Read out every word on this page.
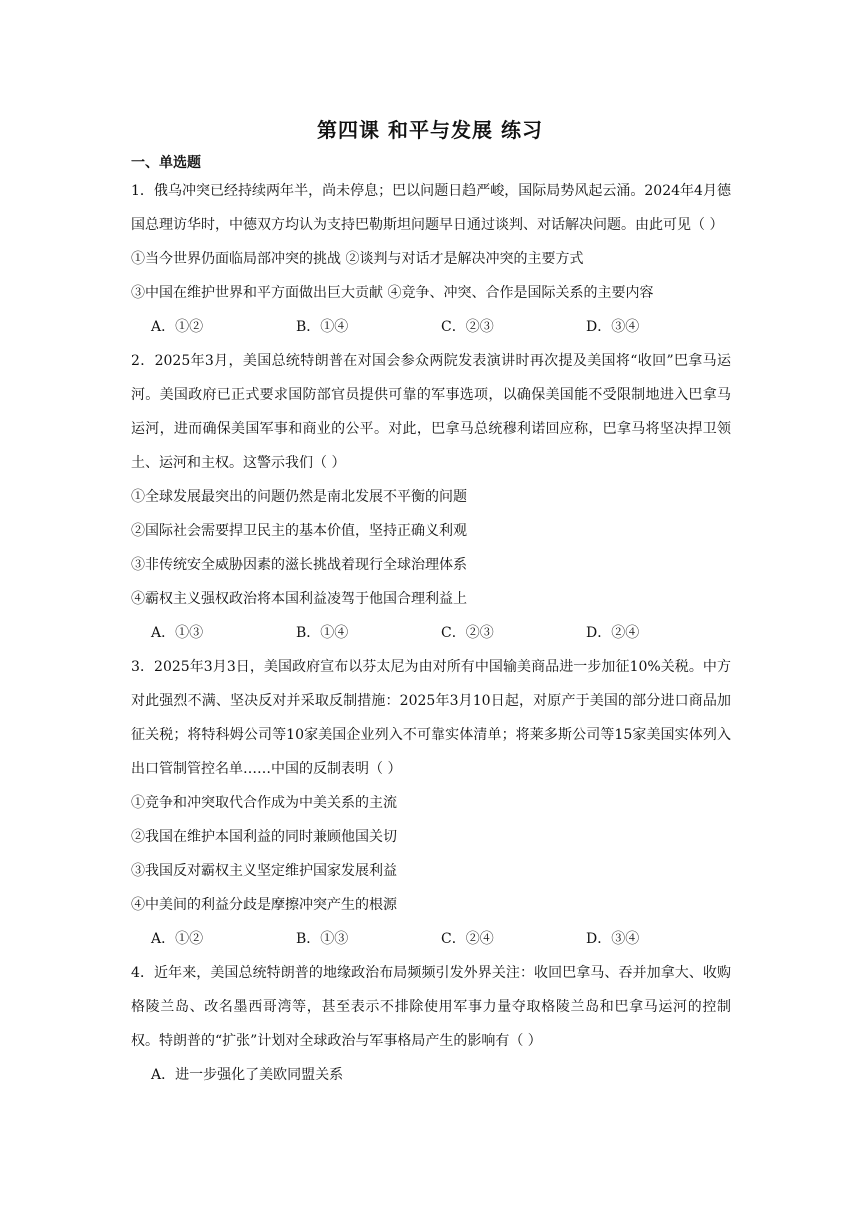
第四课 和平与发展 练习
一、单选题

1．俄乌冲突已经持续两年半，尚未停息；巴以问题日趋严峻，国际局势风起云涌。2024年4月德国总理访华时，中德双方均认为支持巴勒斯坦问题早日通过谈判、对话解决问题。由此可见（ ）

①当今世界仍面临局部冲突的挑战 ②谈判与对话才是解决冲突的主要方式

③中国在维护世界和平方面做出巨大贡献 ④竞争、冲突、合作是国际关系的主要内容

A．①②	B．①④	C．②③	D．③④

2．2025年3月，美国总统特朗普在对国会参众两院发表演讲时再次提及美国将“收回”巴拿马运河。美国政府已正式要求国防部官员提供可靠的军事选项，以确保美国能不受限制地进入巴拿马运河，进而确保美国军事和商业的公平。对此，巴拿马总统穆利诺回应称，巴拿马将坚决捍卫领土、运河和主权。这警示我们（ ）

①全球发展最突出的问题仍然是南北发展不平衡的问题

②国际社会需要捍卫民主的基本价值，坚持正确义利观

③非传统安全威胁因素的滋长挑战着现行全球治理体系

④霸权主义强权政治将本国利益凌驾于他国合理利益上

A．①③	B．①④	C．②③	D．②④

3．2025年3月3日，美国政府宣布以芬太尼为由对所有中国输美商品进一步加征10%关税。中方对此强烈不满、坚决反对并采取反制措施：2025年3月10日起，对原产于美国的部分进口商品加征关税；将特科姆公司等10家美国企业列入不可靠实体清单；将莱多斯公司等15家美国实体列入出口管制管控名单……中国的反制表明（ ）

①竞争和冲突取代合作成为中美关系的主流

②我国在维护本国利益的同时兼顾他国关切

③我国反对霸权主义坚定维护国家发展利益

④中美间的利益分歧是摩擦冲突产生的根源

A．①②	B．①③	C．②④	D．③④

4．近年来，美国总统特朗普的地缘政治布局频频引发外界关注：收回巴拿马、吞并加拿大、收购格陵兰岛、改名墨西哥湾等，甚至表示不排除使用军事力量夺取格陵兰岛和巴拿马运河的控制权。特朗普的“扩张”计划对全球政治与军事格局产生的影响有（ ）

A．进一步强化了美欧同盟关系
